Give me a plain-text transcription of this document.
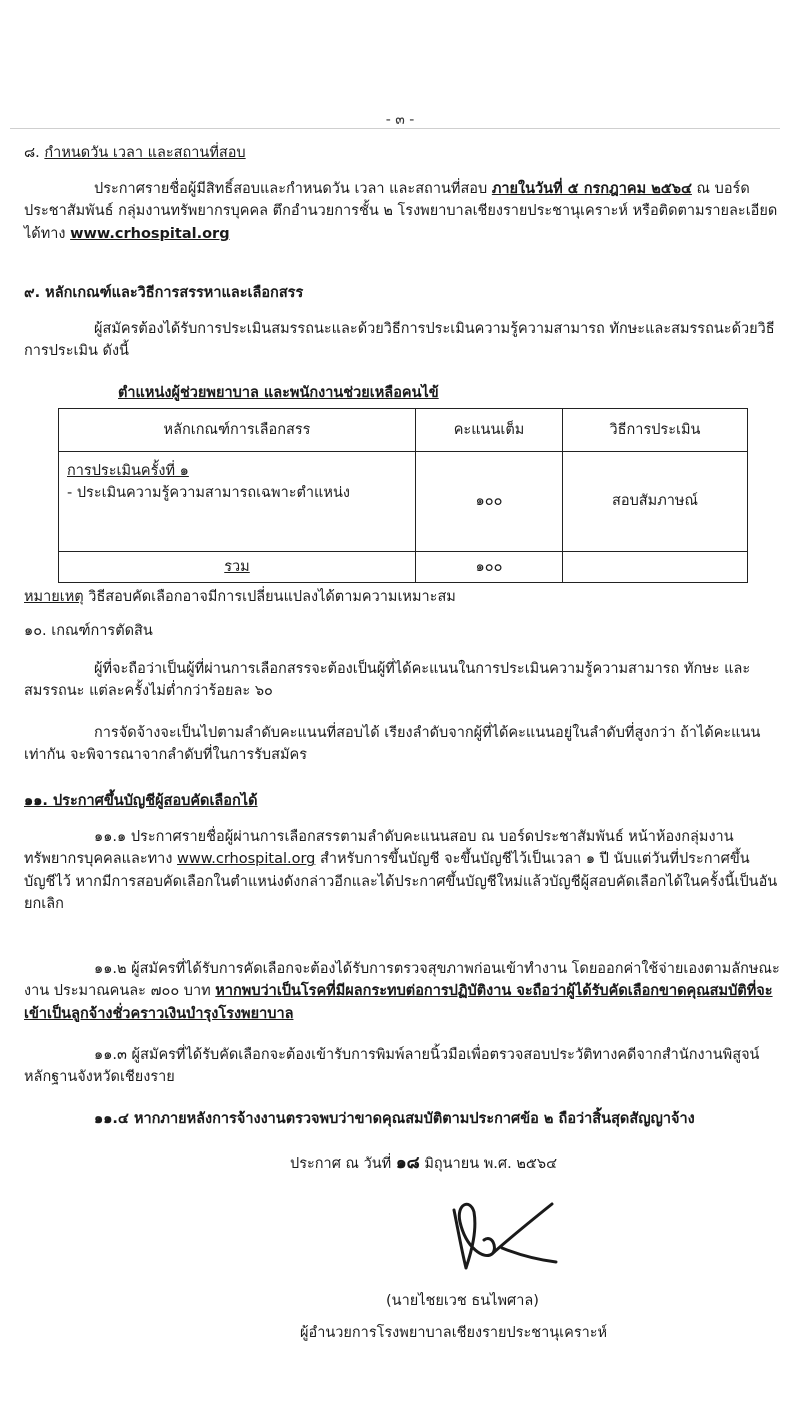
- ๓ -
๘. กำหนดวัน เวลา และสถานที่สอบ
ประกาศรายชื่อผู้มีสิทธิ์สอบและกำหนดวัน เวลา และสถานที่สอบ ภายในวันที่ ๕ กรกฎาคม ๒๕๖๔ ณ บอร์ดประชาสัมพันธ์ กลุ่มงานทรัพยากรบุคคล ตึกอำนวยการชั้น ๒ โรงพยาบาลเชียงรายประชานุเคราะห์ หรือติดตามรายละเอียดได้ทาง www.crhospital.org
๙. หลักเกณฑ์และวิธีการสรรหาและเลือกสรร
ผู้สมัครต้องได้รับการประเมินสมรรถนะและด้วยวิธีการประเมินความรู้ความสามารถ ทักษะและสมรรถนะด้วยวิธีการประเมิน ดังนี้
ตำแหน่งผู้ช่วยพยาบาล และพนักงานช่วยเหลือคนไข้
หลักเกณฑ์การเลือกสรร	คะแนนเต็ม	วิธีการประเมิน

การประเมินครั้งที่ ๑
- ประเมินความรู้ความสามารถเฉพาะตำแหน่ง	๑๐๐	สอบสัมภาษณ์
รวม	๑๐๐	
หมายเหตุ วิธีสอบคัดเลือกอาจมีการเปลี่ยนแปลงได้ตามความเหมาะสม
๑๐. เกณฑ์การตัดสิน
ผู้ที่จะถือว่าเป็นผู้ที่ผ่านการเลือกสรรจะต้องเป็นผู้ที่ได้คะแนนในการประเมินความรู้ความสามารถ ทักษะ และสมรรถนะ แต่ละครั้งไม่ต่ำกว่าร้อยละ ๖๐
การจัดจ้างจะเป็นไปตามลำดับคะแนนที่สอบได้ เรียงลำดับจากผู้ที่ได้คะแนนอยู่ในลำดับที่สูงกว่า ถ้าได้คะแนนเท่ากัน จะพิจารณาจากลำดับที่ในการรับสมัคร
๑๑. ประกาศขึ้นบัญชีผู้สอบคัดเลือกได้
๑๑.๑ ประกาศรายชื่อผู้ผ่านการเลือกสรรตามลำดับคะแนนสอบ ณ บอร์ดประชาสัมพันธ์ หน้าห้องกลุ่มงานทรัพยากรบุคคลและทาง www.crhospital.org สำหรับการขึ้นบัญชี จะขึ้นบัญชีไว้เป็นเวลา ๑ ปี นับแต่วันที่ประกาศขึ้นบัญชีไว้ หากมีการสอบคัดเลือกในตำแหน่งดังกล่าวอีกและได้ประกาศขึ้นบัญชีใหม่แล้วบัญชีผู้สอบคัดเลือกได้ในครั้งนี้เป็นอันยกเลิก
๑๑.๒ ผู้สมัครที่ได้รับการคัดเลือกจะต้องได้รับการตรวจสุขภาพก่อนเข้าทำงาน โดยออกค่าใช้จ่ายเองตามลักษณะงาน ประมาณคนละ ๗๐๐ บาท หากพบว่าเป็นโรคที่มีผลกระทบต่อการปฏิบัติงาน จะถือว่าผู้ได้รับคัดเลือกขาดคุณสมบัติที่จะเข้าเป็นลูกจ้างชั่วคราวเงินบำรุงโรงพยาบาล
๑๑.๓ ผู้สมัครที่ได้รับคัดเลือกจะต้องเข้ารับการพิมพ์ลายนิ้วมือเพื่อตรวจสอบประวัติทางคดีจากสำนักงานพิสูจน์หลักฐานจังหวัดเชียงราย
๑๑.๔ หากภายหลังการจ้างงานตรวจพบว่าขาดคุณสมบัติตามประกาศข้อ ๒ ถือว่าสิ้นสุดสัญญาจ้าง
ประกาศ ณ วันที่ ๑๘ มิถุนายน พ.ศ. ๒๕๖๔
(นายไชยเวช ธนไพศาล)
ผู้อำนวยการโรงพยาบาลเชียงรายประชานุเคราะห์
